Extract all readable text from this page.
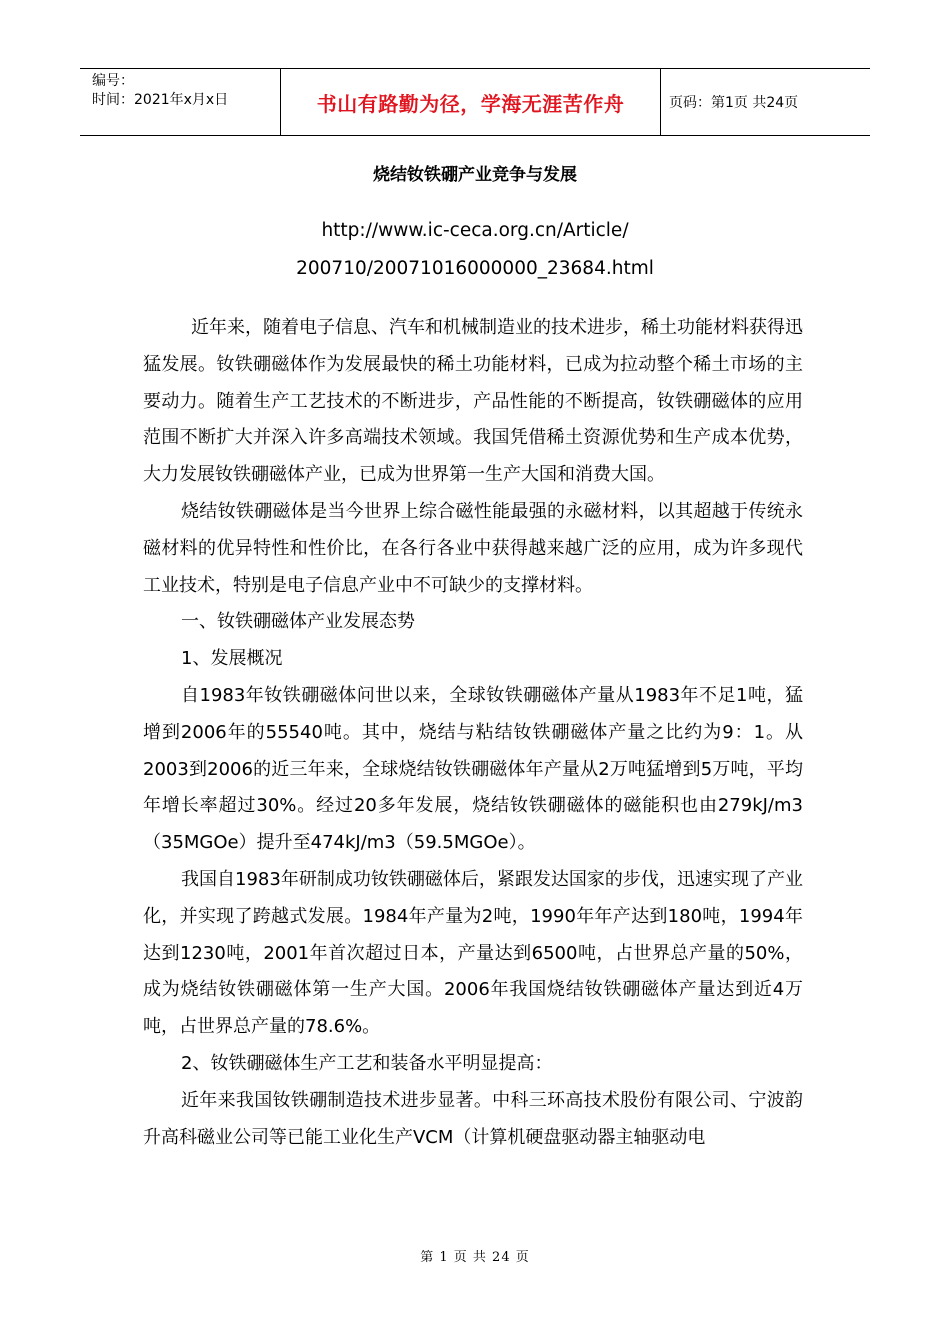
编号：
时间：2021年x月x日	书山有路勤为径，学海无涯苦作舟	页码：第1页 共24页
烧结钕铁硼产业竞争与发展
http://www.ic-ceca.org.cn/Article/
200710/20071016000000_23684.html

近年来，随着电子信息、汽车和机械制造业的技术进步，稀土功能材料获得迅猛发展。钕铁硼磁体作为发展最快的稀土功能材料，已成为拉动整个稀土市场的主要动力。随着生产工艺技术的不断进步，产品性能的不断提高，钕铁硼磁体的应用范围不断扩大并深入许多高端技术领域。我国凭借稀土资源优势和生产成本优势，大力发展钕铁硼磁体产业，已成为世界第一生产大国和消费大国。

烧结钕铁硼磁体是当今世界上综合磁性能最强的永磁材料，以其超越于传统永磁材料的优异特性和性价比，在各行各业中获得越来越广泛的应用，成为许多现代工业技术，特别是电子信息产业中不可缺少的支撑材料。

一、钕铁硼磁体产业发展态势

1、发展概况

自1983年钕铁硼磁体问世以来，全球钕铁硼磁体产量从1983年不足1吨，猛增到2006年的55540吨。其中，烧结与粘结钕铁硼磁体产量之比约为9：1。从2003到2006的近三年来，全球烧结钕铁硼磁体年产量从2万吨猛增到5万吨，平均年增长率超过30%。经过20多年发展，烧结钕铁硼磁体的磁能积也由279kJ/m3（35MGOe）提升至474kJ/m3（59.5MGOe）。

我国自1983年研制成功钕铁硼磁体后，紧跟发达国家的步伐，迅速实现了产业化，并实现了跨越式发展。1984年产量为2吨，1990年年产达到180吨，1994年达到1230吨，2001年首次超过日本，产量达到6500吨，占世界总产量的50%，成为烧结钕铁硼磁体第一生产大国。2006年我国烧结钕铁硼磁体产量达到近4万吨，占世界总产量的78.6%。

2、钕铁硼磁体生产工艺和装备水平明显提高：

近年来我国钕铁硼制造技术进步显著。中科三环高技术股份有限公司、宁波韵升高科磁业公司等已能工业化生产VCM（计算机硬盘驱动器主轴驱动电

第 1 页 共 24 页
